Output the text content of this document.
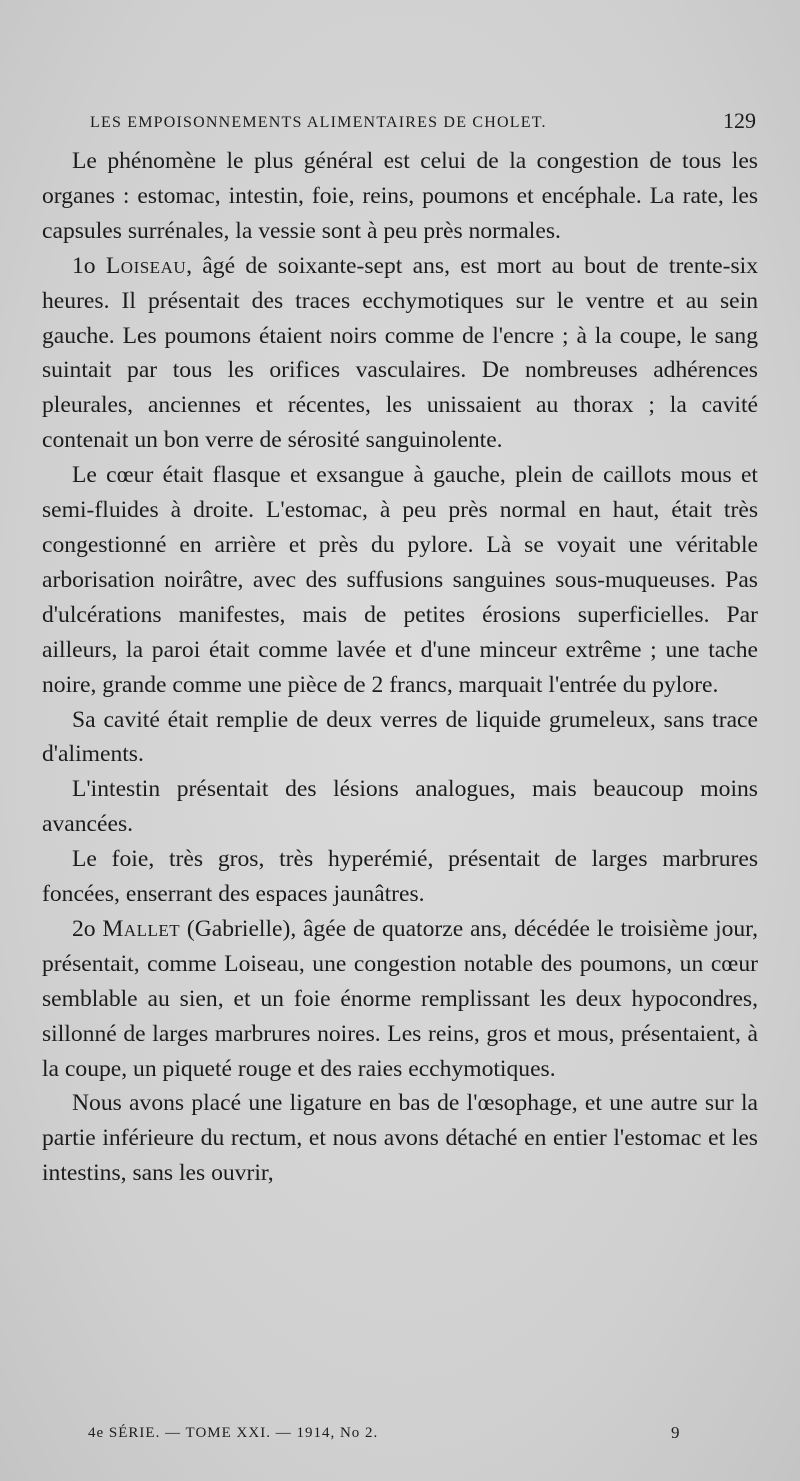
LES EMPOISONNEMENTS ALIMENTAIRES DE CHOLET.	129

Le phénomène le plus général est celui de la congestion de tous les organes : estomac, intestin, foie, reins, poumons et encéphale. La rate, les capsules surrénales, la vessie sont à peu près normales.

1o Loiseau, âgé de soixante-sept ans, est mort au bout de trente-six heures. Il présentait des traces ecchymotiques sur le ventre et au sein gauche. Les poumons étaient noirs comme de l'encre ; à la coupe, le sang suintait par tous les orifices vasculaires. De nombreuses adhérences pleurales, anciennes et récentes, les unissaient au thorax ; la cavité contenait un bon verre de sérosité sanguinolente.

Le cœur était flasque et exsangue à gauche, plein de caillots mous et semi-fluides à droite. L'estomac, à peu près normal en haut, était très congestionné en arrière et près du pylore. Là se voyait une véritable arborisation noirâtre, avec des suffusions sanguines sous-muqueuses. Pas d'ulcérations manifestes, mais de petites érosions superficielles. Par ailleurs, la paroi était comme lavée et d'une minceur extrême ; une tache noire, grande comme une pièce de 2 francs, marquait l'entrée du pylore.

Sa cavité était remplie de deux verres de liquide grumeleux, sans trace d'aliments.

L'intestin présentait des lésions analogues, mais beaucoup moins avancées.

Le foie, très gros, très hyperémié, présentait de larges marbrures foncées, enserrant des espaces jaunâtres.

2o Mallet (Gabrielle), âgée de quatorze ans, décédée le troisième jour, présentait, comme Loiseau, une congestion notable des poumons, un cœur semblable au sien, et un foie énorme remplissant les deux hypocondres, sillonné de larges marbrures noires. Les reins, gros et mous, présentaient, à la coupe, un piqueté rouge et des raies ecchymotiques.

Nous avons placé une ligature en bas de l'œsophage, et une autre sur la partie inférieure du rectum, et nous avons détaché en entier l'estomac et les intestins, sans les ouvrir,

4e SÉRIE. — TOME XXI. — 1914, No 2.	9
